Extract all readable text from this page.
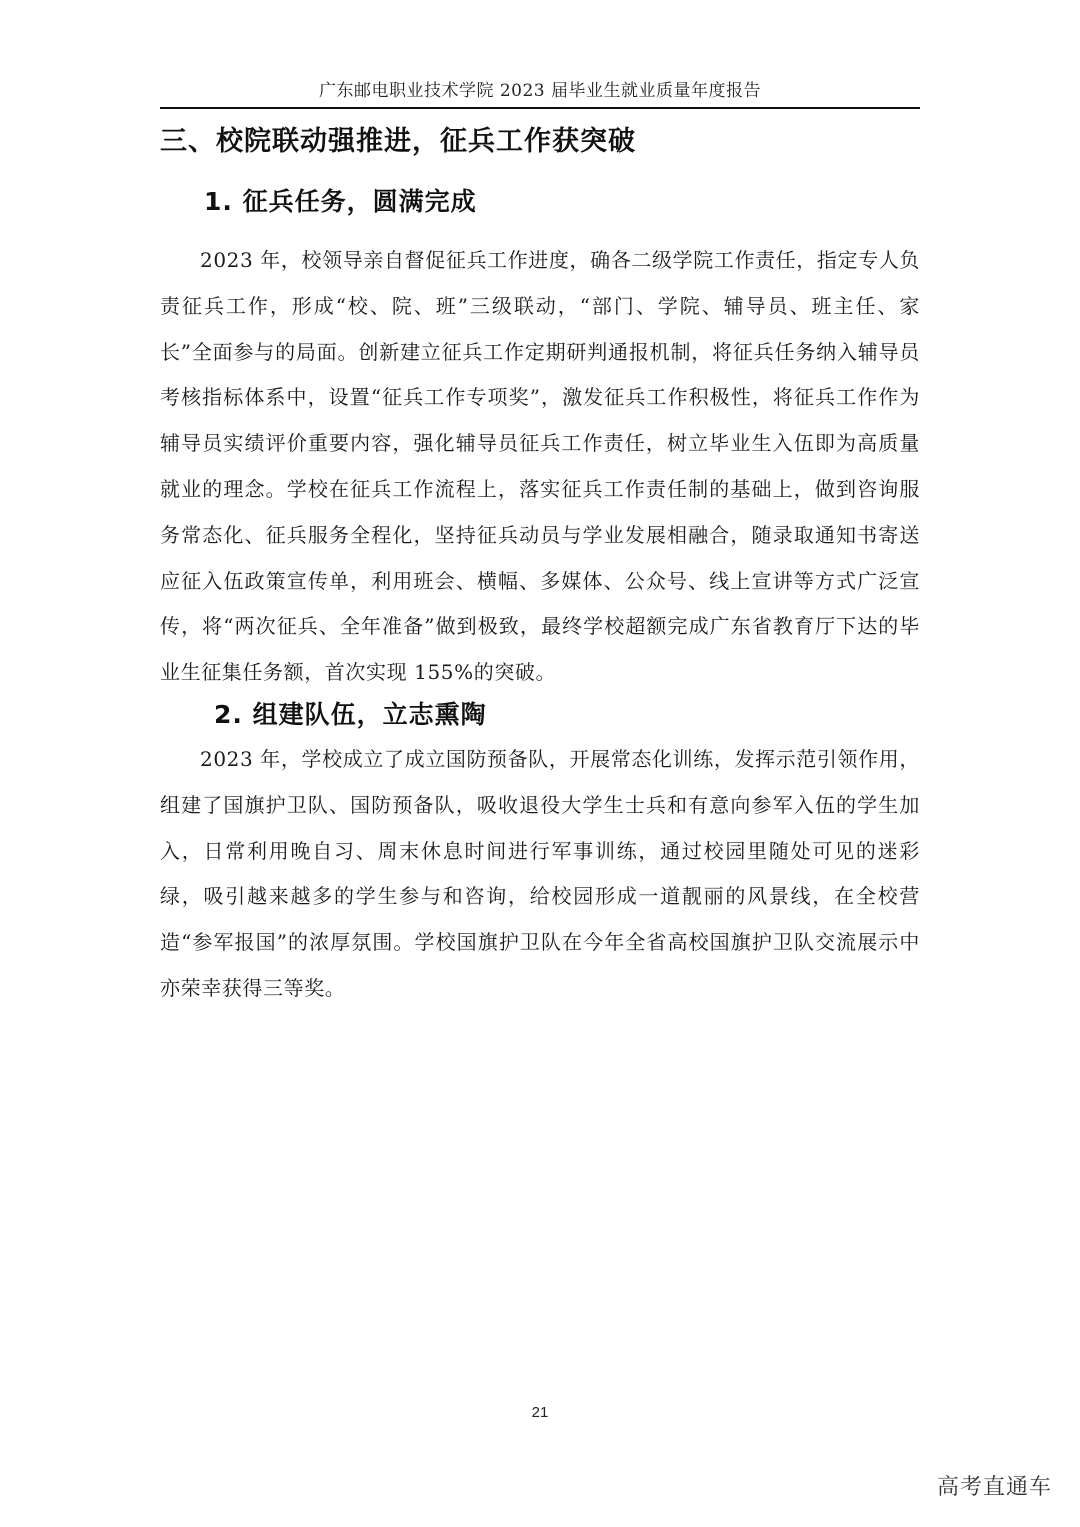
广东邮电职业技术学院 2023 届毕业生就业质量年度报告
三、校院联动强推进，征兵工作获突破
1. 征兵任务，圆满完成

2023 年，校领导亲自督促征兵工作进度，确各二级学院工作责任，指定专人负责征兵工作，形成“校、院、班”三级联动，“部门、学院、辅导员、班主任、家长”全面参与的局面。创新建立征兵工作定期研判通报机制，将征兵任务纳入辅导员考核指标体系中，设置“征兵工作专项奖”，激发征兵工作积极性，将征兵工作作为辅导员实绩评价重要内容，强化辅导员征兵工作责任，树立毕业生入伍即为高质量就业的理念。学校在征兵工作流程上，落实征兵工作责任制的基础上，做到咨询服务常态化、征兵服务全程化，坚持征兵动员与学业发展相融合，随录取通知书寄送应征入伍政策宣传单，利用班会、横幅、多媒体、公众号、线上宣讲等方式广泛宣传，将“两次征兵、全年准备”做到极致，最终学校超额完成广东省教育厅下达的毕业生征集任务额，首次实现 155%的突破。

2. 组建队伍，立志熏陶

2023 年，学校成立了成立国防预备队，开展常态化训练，发挥示范引领作用，组建了国旗护卫队、国防预备队，吸收退役大学生士兵和有意向参军入伍的学生加入，日常利用晚自习、周末休息时间进行军事训练，通过校园里随处可见的迷彩绿，吸引越来越多的学生参与和咨询，给校园形成一道靓丽的风景线，在全校营造“参军报国”的浓厚氛围。学校国旗护卫队在今年全省高校国旗护卫队交流展示中亦荣幸获得三等奖。

21
高考直通车
